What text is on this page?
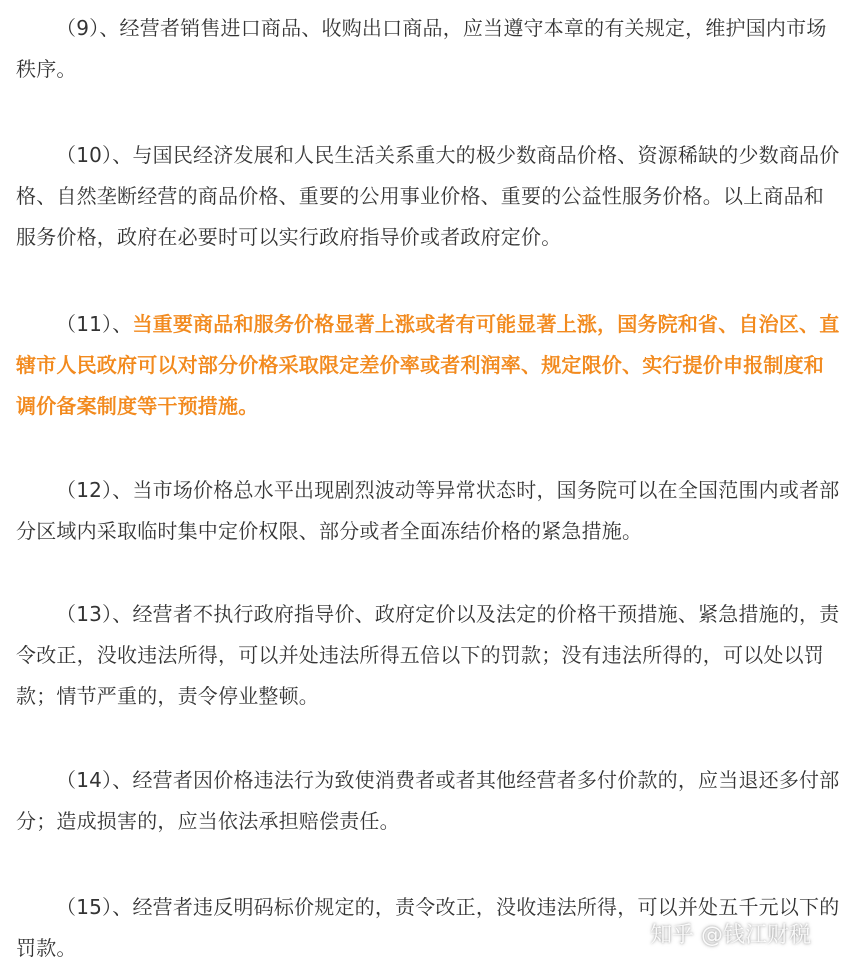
（9）、经营者销售进口商品、收购出口商品，应当遵守本章的有关规定，维护国内市场秩序。

（10）、与国民经济发展和人民生活关系重大的极少数商品价格、资源稀缺的少数商品价格、自然垄断经营的商品价格、重要的公用事业价格、重要的公益性服务价格。以上商品和服务价格，政府在必要时可以实行政府指导价或者政府定价。

（11）、当重要商品和服务价格显著上涨或者有可能显著上涨，国务院和省、自治区、直辖市人民政府可以对部分价格采取限定差价率或者利润率、规定限价、实行提价申报制度和调价备案制度等干预措施。

（12）、当市场价格总水平出现剧烈波动等异常状态时，国务院可以在全国范围内或者部分区域内采取临时集中定价权限、部分或者全面冻结价格的紧急措施。

（13）、经营者不执行政府指导价、政府定价以及法定的价格干预措施、紧急措施的，责令改正，没收违法所得，可以并处违法所得五倍以下的罚款；没有违法所得的，可以处以罚款；情节严重的，责令停业整顿。

（14）、经营者因价格违法行为致使消费者或者其他经营者多付价款的，应当退还多付部分；造成损害的，应当依法承担赔偿责任。

（15）、经营者违反明码标价规定的，责令改正，没收违法所得，可以并处五千元以下的罚款。	知乎 @钱江财税
